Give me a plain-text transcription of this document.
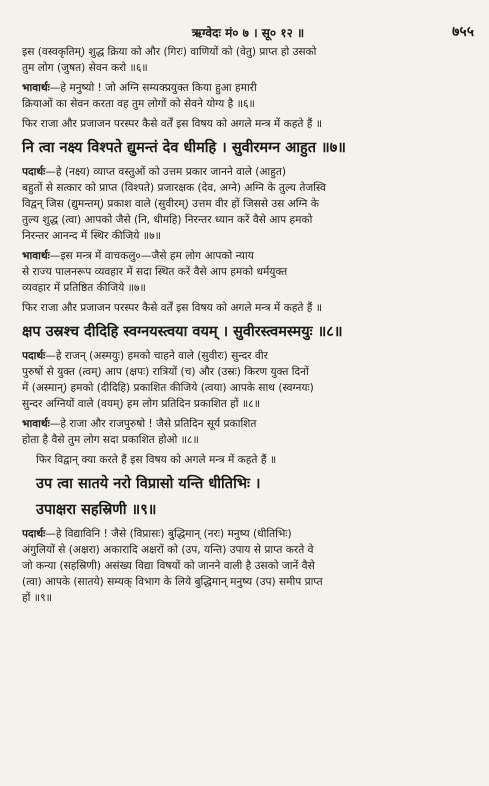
ऋग्वेदः मं० ७ । सू० १२ ॥	७५५
इस (वस्वकृतिम्) शुद्ध क्रिया को और (गिरः) वाणियों को (वेतु) प्राप्त हो उसको
तुम लोग (जुषत) सेवन करो ॥६॥
भावार्थः—हे मनुष्यो ! जो अग्नि सम्यक्प्रयुक्त किया हुआ हमारी
क्रियाओं का सेवन करता वह तुम लोगों को सेवने योग्य है ॥६॥
फिर राजा और प्रजाजन परस्पर कैसे वर्तें इस विषय को अगले मन्त्र में कहते हैं ॥
नि त्वा नक्ष्य विश्पते द्युमन्तं देव धीमहि । सुवीरमग्न आहुत ॥७॥
पदार्थः—हे (नक्ष्य) व्याप्त वस्तुओं को उत्तम प्रकार जानने वाले (आहुत)
बहुतों से सत्कार को प्राप्त (विश्पते) प्रजारक्षक (देव, अग्ने) अग्नि के तुल्य तेजस्वि
विद्वन् जिस (द्युमन्तम्) प्रकाश वाले (सुवीरम्) उत्तम वीर हों जिससे उस अग्नि के
तुल्य शुद्ध (त्वा) आपको जैसे (नि, धीमहि) निरन्तर ध्यान करें वैसे आप हमको
निरन्तर आनन्द में स्थिर कीजिये ॥७॥
भावार्थः—इस मन्त्र में वाचकलु०—जैसे हम लोग आपको न्याय
से राज्य पालनरूप व्यवहार में सदा स्थित करें वैसे आप हमको धर्मयुक्त
व्यवहार में प्रतिष्ठित कीजिये ॥७॥
फिर राजा और प्रजाजन परस्पर कैसे वर्तें इस विषय को अगले मन्त्र में कहते हैं ॥
क्षप उस्रश्च दीदिहि स्वग्नयस्त्वया वयम् । सुवीरस्त्वमस्मयुः ॥८॥
पदार्थः—हे राजन् (अस्मयुः) हमको चाहने वाले (सुवीरः) सुन्दर वीर
पुरुषों से युक्त (त्वम्) आप (क्षपः) रात्रियों (च) और (उस्रः) किरण युक्त दिनों
में (अस्मान्) हमको (दीदिहि) प्रकाशित कीजिये (त्वया) आपके साथ (स्वग्नयः)
सुन्दर अग्नियों वाले (वयम्) हम लोग प्रतिदिन प्रकाशित हों ॥८॥
भावार्थः—हे राजा और राजपुरुषो ! जैसे प्रतिदिन सूर्य प्रकाशित
होता है वैसे तुम लोग सदा प्रकाशित होओ ॥८॥
फिर विद्वान् क्या करते हैं इस विषय को अगले मन्त्र में कहते हैं ॥
उप त्वा सातये नरो विप्रासो यन्ति धीतिभिः ।
उपाक्षरा सहस्रिणी ॥९॥
पदार्थः—हे विद्याविनि ! जैसे (विप्रासः) बुद्धिमान् (नरः) मनुष्य (धीतिभिः)
अंगुलियों से (अक्षरा) अकारादि अक्षरों को (उप, यन्ति) उपाय से प्राप्त करते वे
जो कन्या (सहस्रिणी) असंख्य विद्या विषयों को जानने वाली है उसको जानें वैसे
(त्वा) आपके (सातये) सम्यक् विभाग के लिये बुद्धिमान् मनुष्य (उप) समीप प्राप्त
हों ॥९॥
